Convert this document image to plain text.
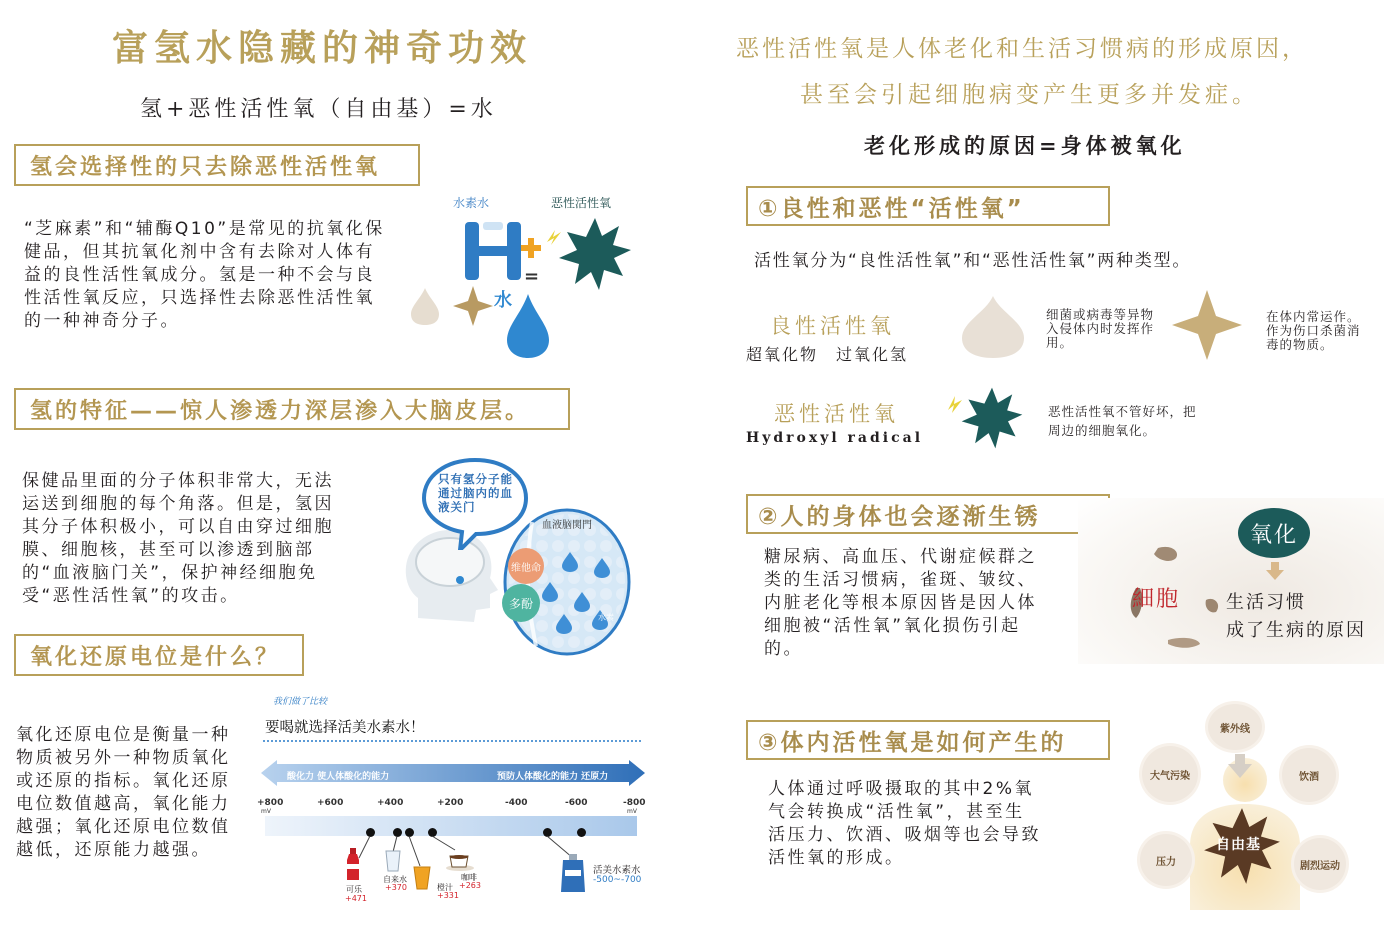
富氢水隐藏的神奇功效
氢+恶性活性氧（自由基）=水
氢会选择性的只去除恶性活性氧
“芝麻素”和“辅酶Q10”是常见的抗氧化保健品，但其抗氧化剂中含有去除对人体有益的良性活性氧成分。氢是一种不会与良性活性氧反应，只选择性去除恶性活性氧的一种神奇分子。
水素水	恶性活性氧
=
水
氢的特征——惊人渗透力深层渗入大脑皮层。
保健品里面的分子体积非常大，无法运送到细胞的每个角落。但是，氢因其分子体积极小，可以自由穿过细胞膜、细胞核，甚至可以渗透到脑部的“血液脑门关”，保护神经细胞免受“恶性活性氧”的攻击。
只有氢分子能通过脑内的血液关门
血液脑関門
维他命
多酚
水素
氧化还原电位是什么？
氧化还原电位是衡量一种物质被另外一种物质氧化或还原的指标。氧化还原电位数值越高，氧化能力越强；氧化还原电位数值越低，还原能力越强。
我们做了比较
要喝就选择活美水素水！
酸化力 使人体酸化的能力	预防人体酸化的能力 还原力
+800	+600	+400	+200	-400	-600	-800
mV	mV
可乐
+471
自来水
+370	橙汁
+331
咖啡
+263
活美水素水
-500~-700
恶性活性氧是人体老化和生活习惯病的形成原因，
甚至会引起细胞病变产生更多并发症。
老化形成的原因=身体被氧化
①良性和恶性“活性氧”
活性氧分为“良性活性氧”和“恶性活性氧”两种类型。
良性活性氧
超氧化物　过氧化氢
细菌或病毒等异物入侵体内时发挥作用。
在体内常运作。作为伤口杀菌消毒的物质。
恶性活性氧
Hydroxyl radical
恶性活性氧不管好坏，把周边的细胞氧化。
②人的身体也会逐渐生锈
糖尿病、高血压、代谢症候群之类的生活习惯病，雀斑、皱纹、内脏老化等根本原因皆是因人体细胞被“活性氧”氧化损伤引起的。
氧化
細胞	生活习惯
成了生病的原因
③体内活性氧是如何产生的
人体通过呼吸摄取的其中2%氧气会转换成“活性氧”，甚至生活压力、饮酒、吸烟等也会导致活性氧的形成。
自由基
紫外线
大气污染	饮酒
压力	剧烈运动
